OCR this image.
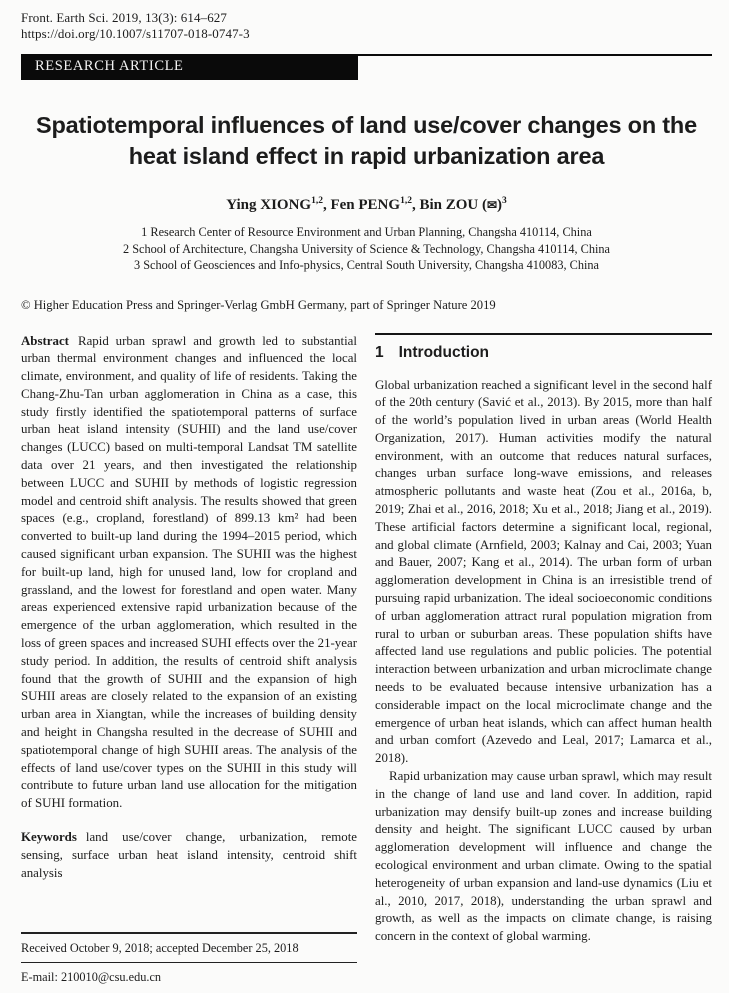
Front. Earth Sci. 2019, 13(3): 614–627
https://doi.org/10.1007/s11707-018-0747-3
RESEARCH ARTICLE
Spatiotemporal influences of land use/cover changes on the heat island effect in rapid urbanization area
Ying XIONG$^{1,2}$, Fen PENG$^{1,2}$, Bin ZOU (✉)$^3$
1 Research Center of Resource Environment and Urban Planning, Changsha 410114, China
2 School of Architecture, Changsha University of Science & Technology, Changsha 410114, China
3 School of Geosciences and Info-physics, Central South University, Changsha 410083, China
© Higher Education Press and Springer-Verlag GmbH Germany, part of Springer Nature 2019

Abstract Rapid urban sprawl and growth led to substantial urban thermal environment changes and influenced the local climate, environment, and quality of life of residents. Taking the Chang-Zhu-Tan urban agglomeration in China as a case, this study firstly identified the spatiotemporal patterns of surface urban heat island intensity (SUHII) and the land use/cover changes (LUCC) based on multi-temporal Landsat TM satellite data over 21 years, and then investigated the relationship between LUCC and SUHII by methods of logistic regression model and centroid shift analysis. The results showed that green spaces (e.g., cropland, forestland) of 899.13 km² had been converted to built-up land during the 1994–2015 period, which caused significant urban expansion. The SUHII was the highest for built-up land, high for unused land, low for cropland and grassland, and the lowest for forestland and open water. Many areas experienced extensive rapid urbanization because of the emergence of the urban agglomeration, which resulted in the loss of green spaces and increased SUHI effects over the 21-year study period. In addition, the results of centroid shift analysis found that the growth of SUHII and the expansion of high SUHII areas are closely related to the expansion of an existing urban area in Xiangtan, while the increases of building density and height in Changsha resulted in the decrease of SUHII and spatiotemporal change of high SUHII areas. The analysis of the effects of land use/cover types on the SUHII in this study will contribute to future urban land use allocation for the mitigation of SUHI formation.

Keywords land use/cover change, urbanization, remote sensing, surface urban heat island intensity, centroid shift analysis

Received October 9, 2018; accepted December 25, 2018
E-mail: 210010@csu.edu.cn
1 Introduction

Global urbanization reached a significant level in the second half of the 20th century (Savić et al., 2013). By 2015, more than half of the world’s population lived in urban areas (World Health Organization, 2017). Human activities modify the natural environment, with an outcome that reduces natural surfaces, changes urban surface long-wave emissions, and releases atmospheric pollutants and waste heat (Zou et al., 2016a, b, 2019; Zhai et al., 2016, 2018; Xu et al., 2018; Jiang et al., 2019). These artificial factors determine a significant local, regional, and global climate (Arnfield, 2003; Kalnay and Cai, 2003; Yuan and Bauer, 2007; Kang et al., 2014). The urban form of urban agglomeration development in China is an irresistible trend of pursuing rapid urbanization. The ideal socioeconomic conditions of urban agglomeration attract rural population migration from rural to urban or suburban areas. These population shifts have affected land use regulations and public policies. The potential interaction between urbanization and urban microclimate change needs to be evaluated because intensive urbanization has a considerable impact on the local microclimate change and the emergence of urban heat islands, which can affect human health and urban comfort (Azevedo and Leal, 2017; Lamarca et al., 2018).

Rapid urbanization may cause urban sprawl, which may result in the change of land use and land cover. In addition, rapid urbanization may densify built-up zones and increase building density and height. The significant LUCC caused by urban agglomeration development will influence and change the ecological environment and urban climate. Owing to the spatial heterogeneity of urban expansion and land-use dynamics (Liu et al., 2010, 2017, 2018), understanding the urban sprawl and growth, as well as the impacts on climate change, is raising concern in the context of global warming.
